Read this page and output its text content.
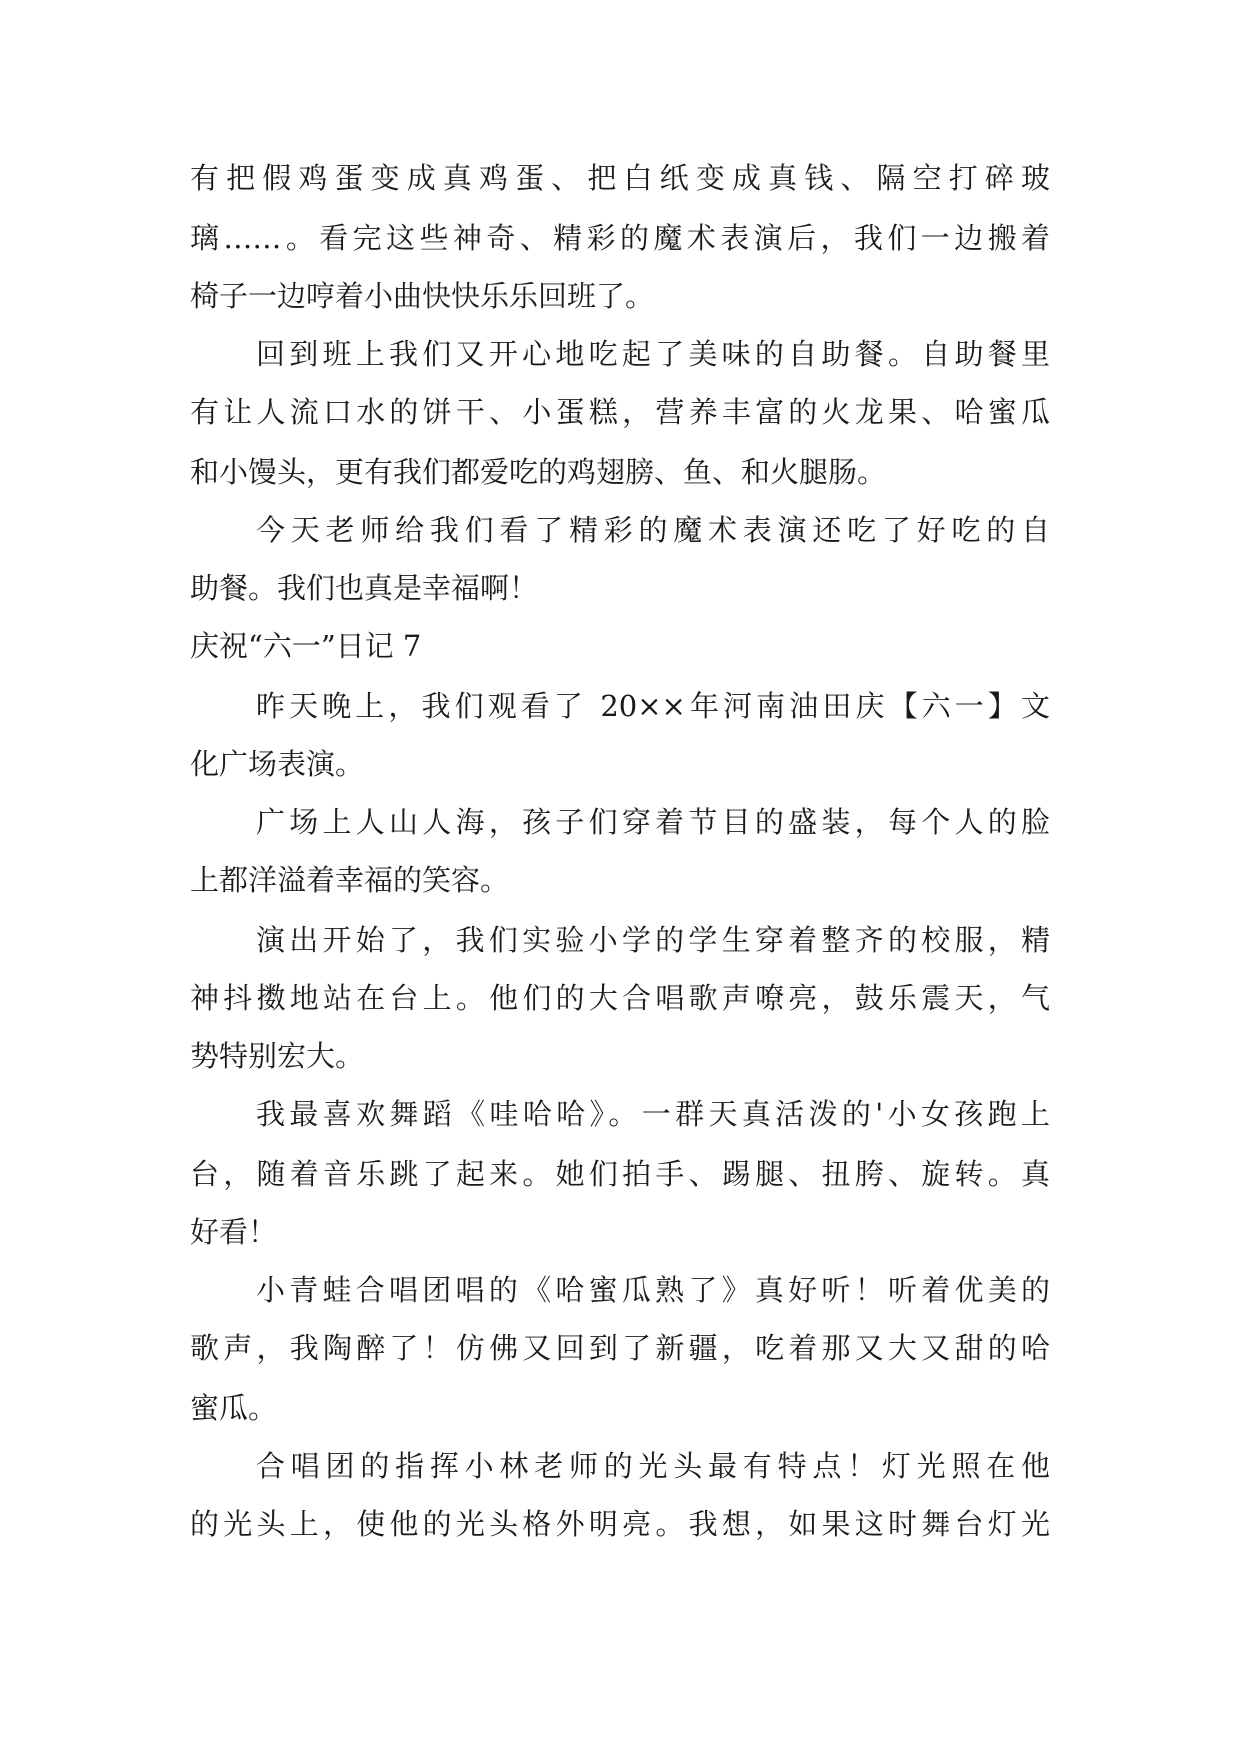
有把假鸡蛋变成真鸡蛋、把白纸变成真钱、隔空打碎玻
璃……。看完这些神奇、精彩的魔术表演后，我们一边搬着
椅子一边哼着小曲快快乐乐回班了。
回到班上我们又开心地吃起了美味的自助餐。自助餐里
有让人流口水的饼干、小蛋糕，营养丰富的火龙果、哈蜜瓜
和小馒头，更有我们都爱吃的鸡翅膀、鱼、和火腿肠。
今天老师给我们看了精彩的魔术表演还吃了好吃的自
助餐。我们也真是幸福啊！
庆祝“六一”日记 7
昨天晚上，我们观看了 20××年河南油田庆【六一】文
化广场表演。
广场上人山人海，孩子们穿着节目的盛装，每个人的脸
上都洋溢着幸福的笑容。
演出开始了，我们实验小学的学生穿着整齐的校服，精
神抖擞地站在台上。他们的大合唱歌声嘹亮，鼓乐震天，气
势特别宏大。
我最喜欢舞蹈《哇哈哈》。一群天真活泼的'小女孩跑上
台，随着音乐跳了起来。她们拍手、踢腿、扭胯、旋转。真
好看！
小青蛙合唱团唱的《哈蜜瓜熟了》真好听！听着优美的
歌声，我陶醉了！仿佛又回到了新疆，吃着那又大又甜的哈
蜜瓜。
合唱团的指挥小林老师的光头最有特点！灯光照在他
的光头上，使他的光头格外明亮。我想，如果这时舞台灯光
